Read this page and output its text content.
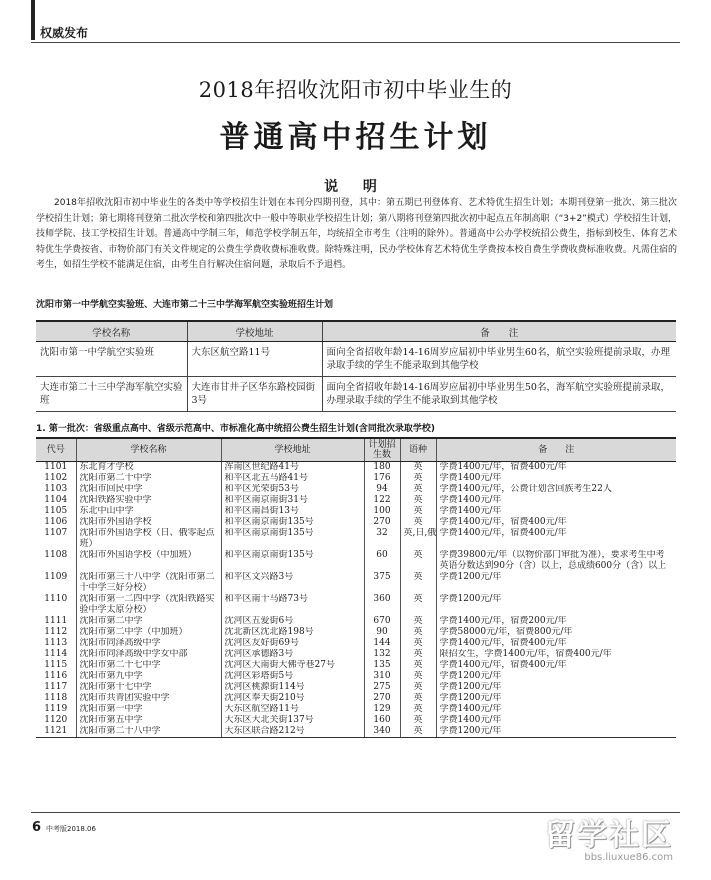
权威发布
2018年招收沈阳市初中毕业生的
普通高中招生计划
说 明
2018年招收沈阳市初中毕业生的各类中等学校招生计划在本刊分四期刊登，其中：第五期已刊登体育、艺术特优生招生计划；本期刊登第一批次、第三批次学校招生计划；第七期将刊登第二批次学校和第四批次中一般中等职业学校招生计划；第八期将刊登第四批次初中起点五年制高职（“3+2”模式）学校招生计划，技师学院、技工学校招生计划。普通高中学制三年，师范学校学制五年，均统招全市考生（注明的除外）。普通高中公办学校统招公费生，指标到校生、体育艺术特优生学费按省、市物价部门有关文件规定的公费生学费收费标准收费。除特殊注明，民办学校体育艺术特优生学费按本校自费生学费收费标准收费。凡需住宿的考生，如招生学校不能满足住宿，由考生自行解决住宿问题，录取后不予退档。
沈阳市第一中学航空实验班、大连市第二十三中学海军航空实验班招生计划
学校名称	学校地址	备　　注
沈阳市第一中学航空实验班	大东区航空路11号	面向全省招收年龄14-16周岁应届初中毕业男生60名，航空实验班提前录取，办理录取手续的学生不能录取到其他学校
大连市第二十三中学海军航空实验班	大连市甘井子区华东路校园街3号	面向全省招收年龄14-16周岁应届初中毕业男生50名，海军航空实验班提前录取，办理录取手续的学生不能录取到其他学校
1. 第一批次：省级重点高中、省级示范高中、市标准化高中统招公费生招生计划(含同批次录取学校)
代号	学校名称	学校地址	计划招生数	语种	备　　注
1101	东北育才学校	浑南区世纪路41号	180	英	学费1400元/年，宿费400元/年
1102	沈阳市第二十中学	和平区北五马路41号	176	英	学费1400元/年
1103	沈阳市回民中学	和平区光荣街53号	94	英	学费1400元/年，公费计划含回族考生22人
1104	沈阳铁路实验中学	和平区南京南街31号	122	英	学费1400元/年
1105	东北中山中学	和平区南昌街13号	100	英	学费1400元/年
1106	沈阳市外国语学校	和平区南京南街135号	270	英	学费1400元/年，宿费400元/年
1107	沈阳市外国语学校（日、俄零起点班）	和平区南京南街135号	32	英,日,俄	学费1400元/年，宿费400元/年
1108	沈阳市外国语学校（中加班）	和平区南京南街135号	60	英	学费39800元/年（以物价部门审批为准），要求考生中考英语分数达到90分（含）以上，总成绩600分（含）以上
1109	沈阳市第三十八中学（沈阳市第二十中学三好分校）	和平区文兴路3号	375	英	学费1200元/年
1110	沈阳市第一二四中学（沈阳铁路实验中学太原分校）	和平区南十马路73号	360	英	学费1200元/年
1111	沈阳市第二中学	沈河区五爱街6号	670	英	学费1400元/年，宿费200元/年
1112	沈阳市第二中学（中加班）	沈北新区沈北路198号	90	英	学费58000元/年，宿费800元/年
1113	沈阳市同泽高级中学	沈河区友好街69号	144	英	学费1400元/年，宿费400元/年
1114	沈阳市同泽高级中学女中部	沈河区承德路3号	132	英	限招女生，学费1400元/年，宿费400元/年
1115	沈阳市第二十七中学	沈河区大南街大佛寺巷27号	135	英	学费1400元/年，宿费400元/年
1116	沈阳市第九中学	沈河区彩塔街5号	310	英	学费1200元/年
1117	沈阳市第十七中学	沈河区桃源街114号	275	英	学费1200元/年
1118	沈阳市共青团实验中学	沈河区奉天街210号	270	英	学费1200元/年
1119	沈阳市第一中学	大东区航空路11号	129	英	学费1400元/年
1120	沈阳市第五中学	大东区大北关街137号	160	英	学费1400元/年
1121	沈阳市第二十八中学	大东区联合路212号	340	英	学费1200元/年
6 中考版2018.06	留学社区
bbs.liuxue86.com
